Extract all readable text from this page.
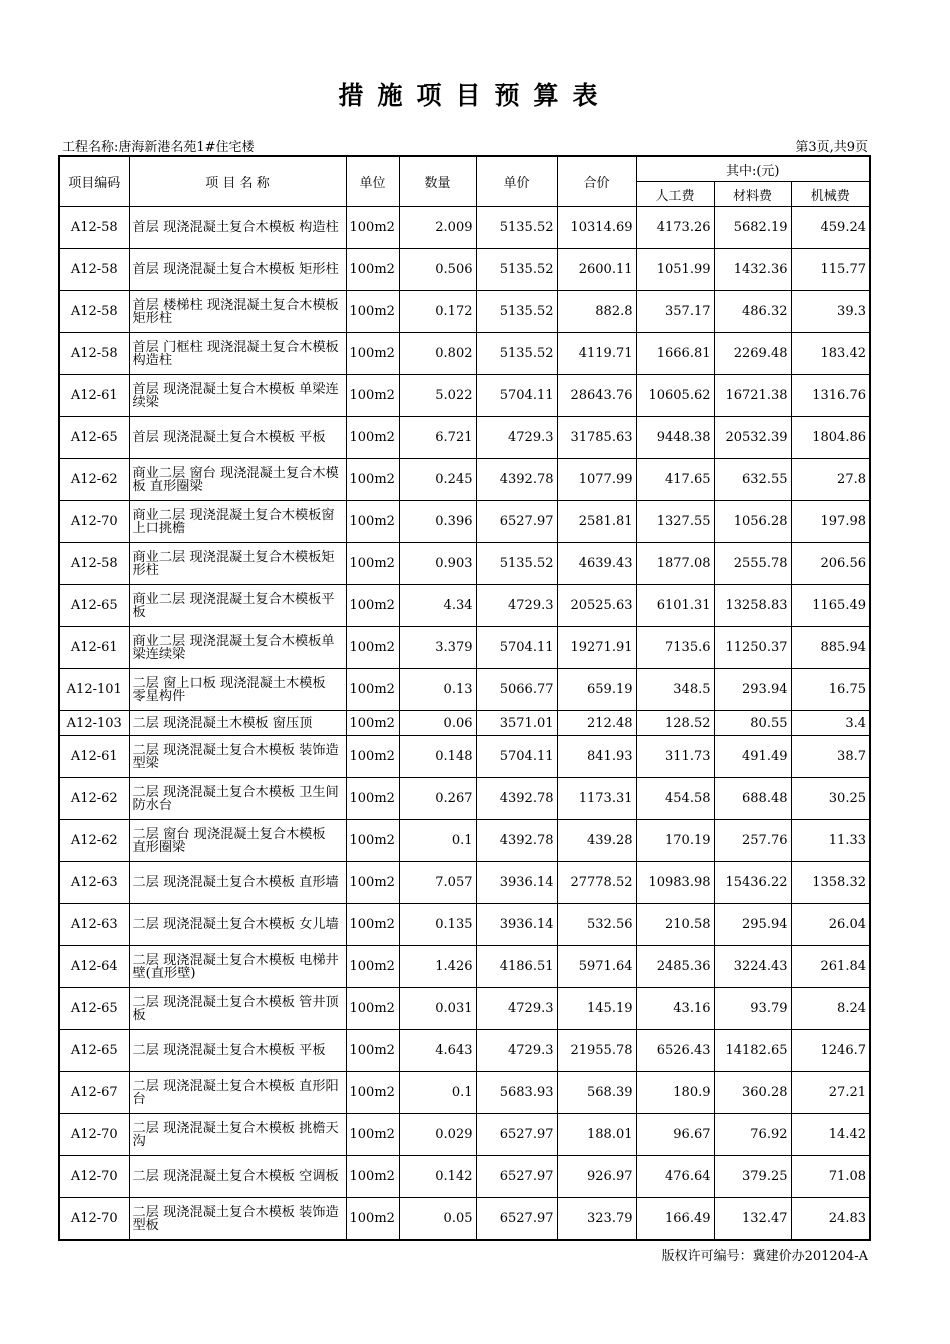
措施项目预算表
工程名称:唐海新港名苑1#住宅楼	第3页,共9页
项目编码	项 目 名 称	单位	数量	单价	合价	其中:(元)		
						人工费	材料费	机械费
A12-58	首层 现浇混凝土复合木模板 构造柱	100m2	2.009	5135.52	10314.69	4173.26	5682.19	459.24
A12-58	首层 现浇混凝土复合木模板 矩形柱	100m2	0.506	5135.52	2600.11	1051.99	1432.36	115.77
A12-58	首层 楼梯柱 现浇混凝土复合木模板 矩形柱	100m2	0.172	5135.52	882.8	357.17	486.32	39.3
A12-58	首层 门框柱 现浇混凝土复合木模板 构造柱	100m2	0.802	5135.52	4119.71	1666.81	2269.48	183.42
A12-61	首层 现浇混凝土复合木模板 单梁连续梁	100m2	5.022	5704.11	28643.76	10605.62	16721.38	1316.76
A12-65	首层 现浇混凝土复合木模板 平板	100m2	6.721	4729.3	31785.63	9448.38	20532.39	1804.86
A12-62	商业二层 窗台 现浇混凝土复合木模板 直形圈梁	100m2	0.245	4392.78	1077.99	417.65	632.55	27.8
A12-70	商业二层 现浇混凝土复合木模板窗上口挑檐	100m2	0.396	6527.97	2581.81	1327.55	1056.28	197.98
A12-58	商业二层 现浇混凝土复合木模板矩形柱	100m2	0.903	5135.52	4639.43	1877.08	2555.78	206.56
A12-65	商业二层 现浇混凝土复合木模板平板	100m2	4.34	4729.3	20525.63	6101.31	13258.83	1165.49
A12-61	商业二层 现浇混凝土复合木模板单梁连续梁	100m2	3.379	5704.11	19271.91	7135.6	11250.37	885.94
A12-101	二层 窗上口板 现浇混凝土木模板 零星构件	100m2	0.13	5066.77	659.19	348.5	293.94	16.75
A12-103	二层 现浇混凝土木模板 窗压顶	100m2	0.06	3571.01	212.48	128.52	80.55	3.4
A12-61	二层 现浇混凝土复合木模板 装饰造型梁	100m2	0.148	5704.11	841.93	311.73	491.49	38.7
A12-62	二层 现浇混凝土复合木模板 卫生间防水台	100m2	0.267	4392.78	1173.31	454.58	688.48	30.25
A12-62	二层 窗台 现浇混凝土复合木模板 直形圈梁	100m2	0.1	4392.78	439.28	170.19	257.76	11.33
A12-63	二层 现浇混凝土复合木模板 直形墙	100m2	7.057	3936.14	27778.52	10983.98	15436.22	1358.32
A12-63	二层 现浇混凝土复合木模板 女儿墙	100m2	0.135	3936.14	532.56	210.58	295.94	26.04
A12-64	二层 现浇混凝土复合木模板 电梯井壁(直形壁)	100m2	1.426	4186.51	5971.64	2485.36	3224.43	261.84
A12-65	二层 现浇混凝土复合木模板 管井顶板	100m2	0.031	4729.3	145.19	43.16	93.79	8.24
A12-65	二层 现浇混凝土复合木模板 平板	100m2	4.643	4729.3	21955.78	6526.43	14182.65	1246.7
A12-67	二层 现浇混凝土复合木模板 直形阳台	100m2	0.1	5683.93	568.39	180.9	360.28	27.21
A12-70	二层 现浇混凝土复合木模板 挑檐天沟	100m2	0.029	6527.97	188.01	96.67	76.92	14.42
A12-70	二层 现浇混凝土复合木模板 空调板	100m2	0.142	6527.97	926.97	476.64	379.25	71.08
A12-70	二层 现浇混凝土复合木模板 装饰造型板	100m2	0.05	6527.97	323.79	166.49	132.47	24.83
版权许可编号：冀建价办201204-A
